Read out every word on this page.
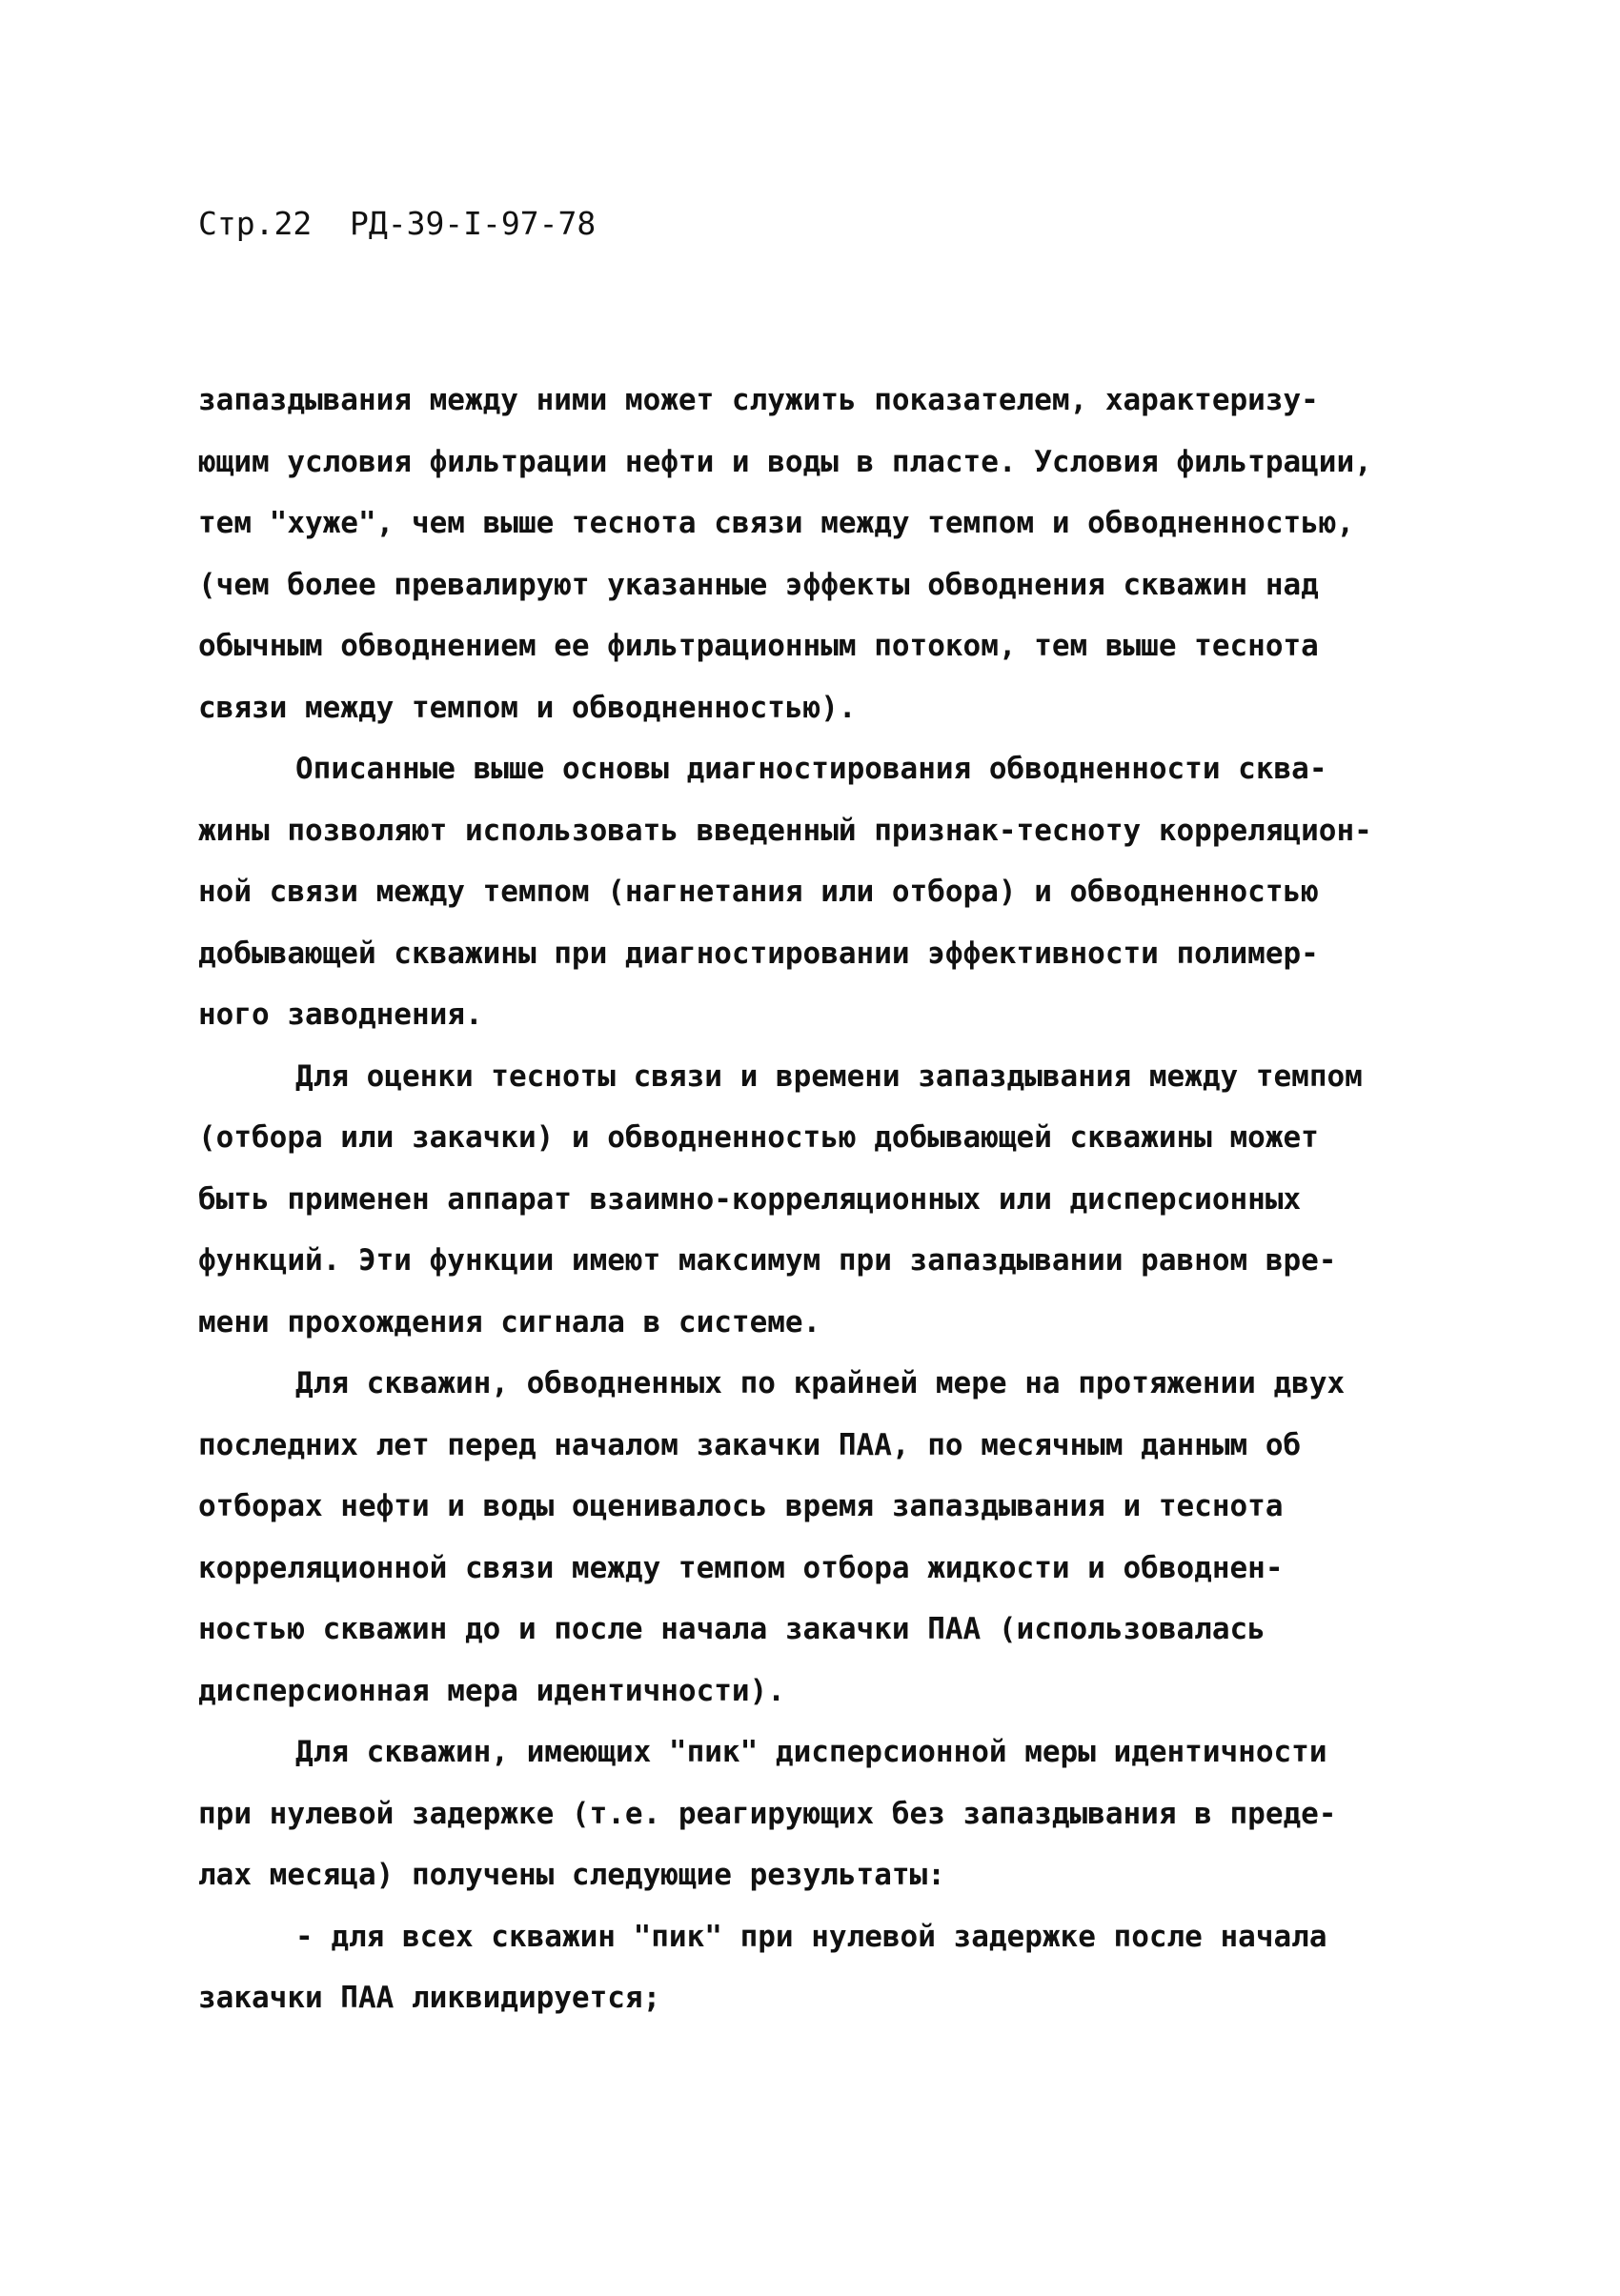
Стр.22 РД-39-I-97-78
запаздывания между ними может служить показателем, характеризу-
ющим условия фильтрации нефти и воды в пласте. Условия фильтрации,
тем "хуже", чем выше теснота связи между темпом и обводненностью,
(чем более превалируют указанные эффекты обводнения скважин над
обычным обводнением ее фильтрационным потоком, тем выше теснота
связи между темпом и обводненностью).
Описанные выше основы диагностирования обводненности сква-
жины позволяют использовать введенный признак-тесноту корреляцион-
ной связи между темпом (нагнетания или отбора) и обводненностью
добывающей скважины при диагностировании эффективности полимер-
ного заводнения.
Для оценки тесноты связи и времени запаздывания между темпом
(отбора или закачки) и обводненностью добывающей скважины может
быть применен аппарат взаимно-корреляционных или дисперсионных
функций. Эти функции имеют максимум при запаздывании равном вре-
мени прохождения сигнала в системе.
Для скважин, обводненных по крайней мере на протяжении двух
последних лет перед началом закачки ПАА, по месячным данным об
отборах нефти и воды оценивалось время запаздывания и теснота
корреляционной связи между темпом отбора жидкости и обводнен-
ностью скважин до и после начала закачки ПАА (использовалась
дисперсионная мера идентичности).
Для скважин, имеющих "пик" дисперсионной меры идентичности
при нулевой задержке (т.е. реагирующих без запаздывания в преде-
лах месяца) получены следующие результаты:
- для всех скважин "пик" при нулевой задержке после начала
закачки ПАА ликвидируется;
